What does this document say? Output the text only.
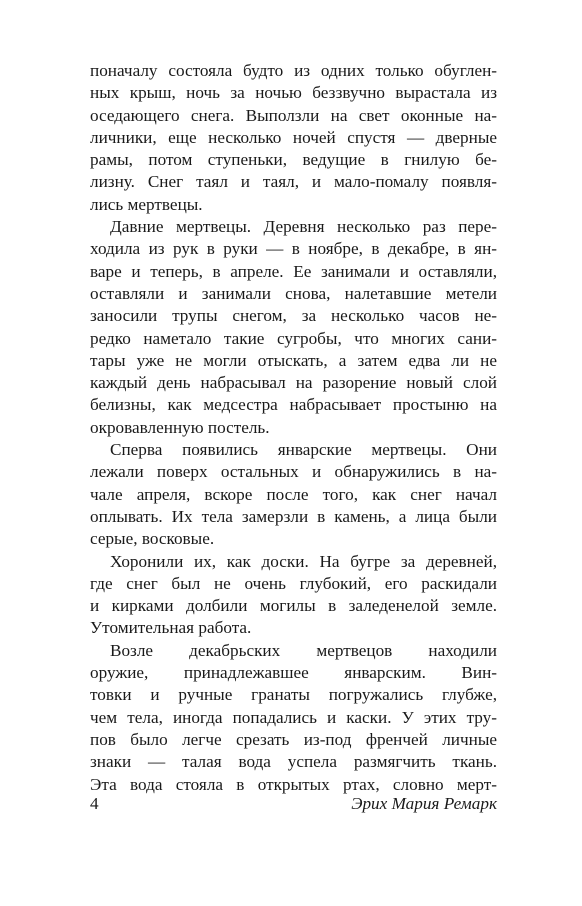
поначалу состояла будто из одних только обуглен-
ных крыш, ночь за ночью беззвучно вырастала из
оседающего снега. Выползли на свет оконные на-
личники, еще несколько ночей спустя — дверные
рамы, потом ступеньки, ведущие в гнилую бе-
лизну. Снег таял и таял, и мало-помалу появля-
лись мертвецы.
Давние мертвецы. Деревня несколько раз пере-
ходила из рук в руки — в ноябре, в декабре, в ян-
варе и теперь, в апреле. Ее занимали и оставляли,
оставляли и занимали снова, налетавшие метели
заносили трупы снегом, за несколько часов не-
редко наметало такие сугробы, что многих сани-
тары уже не могли отыскать, а затем едва ли не
каждый день набрасывал на разорение новый слой
белизны, как медсестра набрасывает простыню на
окровавленную постель.
Сперва появились январские мертвецы. Они
лежали поверх остальных и обнаружились в на-
чале апреля, вскоре после того, как снег начал
оплывать. Их тела замерзли в камень, а лица были
серые, восковые.
Хоронили их, как доски. На бугре за деревней,
где снег был не очень глубокий, его раскидали
и кирками долбили могилы в заледенелой земле.
Утомительная работа.
Возле декабрьских мертвецов находили
оружие, принадлежавшее январским. Вин-
товки и ручные гранаты погружались глубже,
чем тела, иногда попадались и каски. У этих тру-
пов было легче срезать из-под френчей личные
знаки — талая вода успела размягчить ткань.
Эта вода стояла в открытых ртах, словно мерт-
4	Эрих Мария Ремарк
